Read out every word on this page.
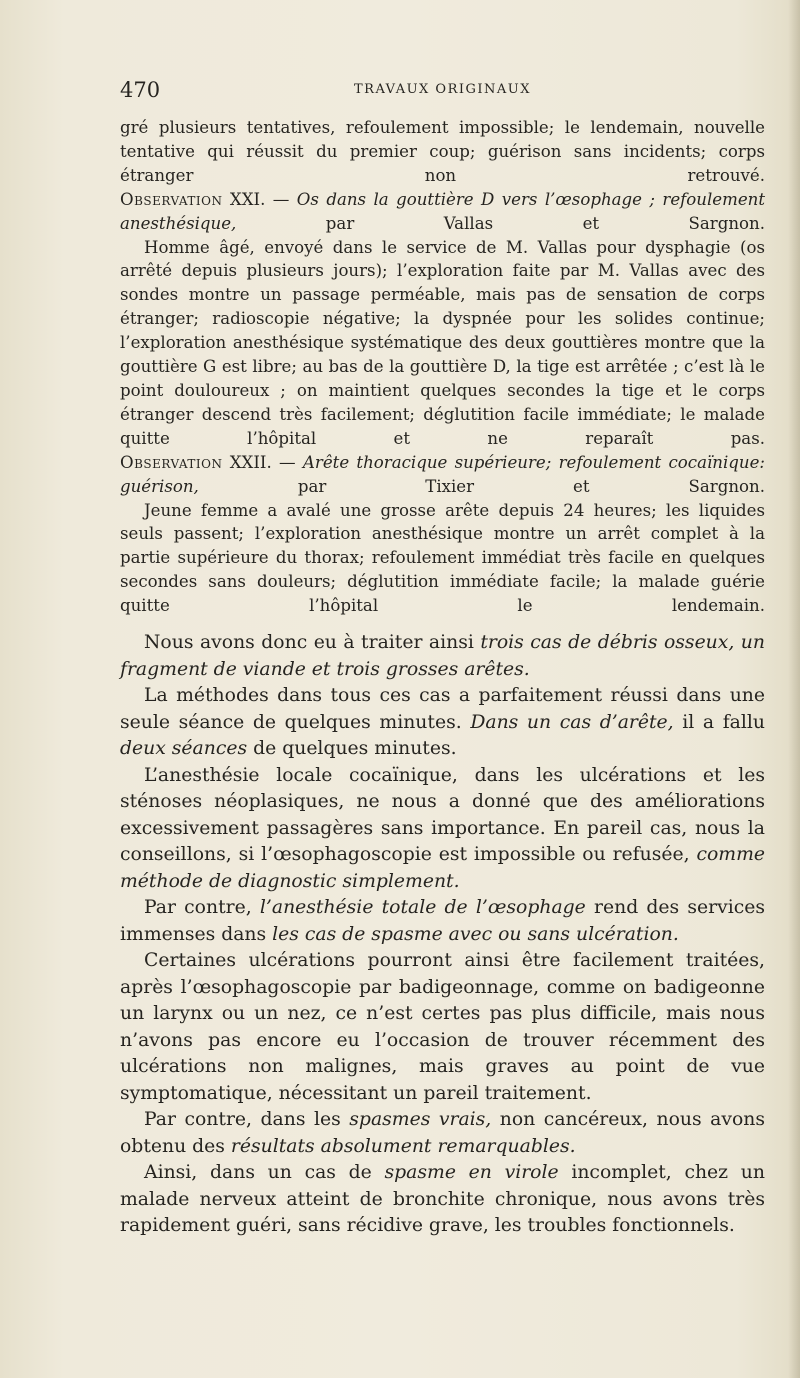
470	TRAVAUX ORIGINAUX

gré plusieurs tentatives, refoulement impossible; le lendemain, nouvelle tentative qui réussit du premier coup; guérison sans incidents; corps étranger non retrouvé.

Observation XXI. — Os dans la gouttière D vers l’œsophage ; refoulement anesthésique, par Vallas et Sargnon.

Homme âgé, envoyé dans le service de M. Vallas pour dysphagie (os arrêté depuis plusieurs jours); l’exploration faite par M. Vallas avec des sondes montre un passage perméable, mais pas de sensation de corps étranger; radioscopie négative; la dyspnée pour les solides continue; l’exploration anesthésique systématique des deux gouttières montre que la gouttière G est libre; au bas de la gouttière D, la tige est arrêtée ; c’est là le point douloureux ; on maintient quelques secondes la tige et le corps étranger descend très facilement; déglutition facile immédiate; le malade quitte l’hôpital et ne reparaît pas.

Observation XXII. — Arête thoracique supérieure; refoulement cocaïnique: guérison, par Tixier et Sargnon.

Jeune femme a avalé une grosse arête depuis 24 heures; les liquides seuls passent; l’exploration anesthésique montre un arrêt complet à la partie supérieure du thorax; refoulement immédiat très facile en quelques secondes sans douleurs; déglutition immédiate facile; la malade guérie quitte l’hôpital le lendemain.

Nous avons donc eu à traiter ainsi trois cas de débris osseux, un fragment de viande et trois grosses arêtes.

La méthodes dans tous ces cas a parfaitement réussi dans une seule séance de quelques minutes. Dans un cas d’arête, il a fallu deux séances de quelques minutes.

L’anesthésie locale cocaïnique, dans les ulcérations et les sténoses néoplasiques, ne nous a donné que des améliorations excessivement passagères sans importance. En pareil cas, nous la conseillons, si l’œsophagoscopie est impossible ou refusée, comme méthode de diagnostic simplement.

Par contre, l’anesthésie totale de l’œsophage rend des services immenses dans les cas de spasme avec ou sans ulcération.

Certaines ulcérations pourront ainsi être facilement traitées, après l’œsophagoscopie par badigeonnage, comme on badigeonne un larynx ou un nez, ce n’est certes pas plus difficile, mais nous n’avons pas encore eu l’occasion de trouver récemment des ulcérations non malignes, mais graves au point de vue symptomatique, nécessitant un pareil traitement.

Par contre, dans les spasmes vrais, non cancéreux, nous avons obtenu des résultats absolument remarquables.

Ainsi, dans un cas de spasme en virole incomplet, chez un malade nerveux atteint de bronchite chronique, nous avons très rapidement guéri, sans récidive grave, les troubles fonctionnels.
